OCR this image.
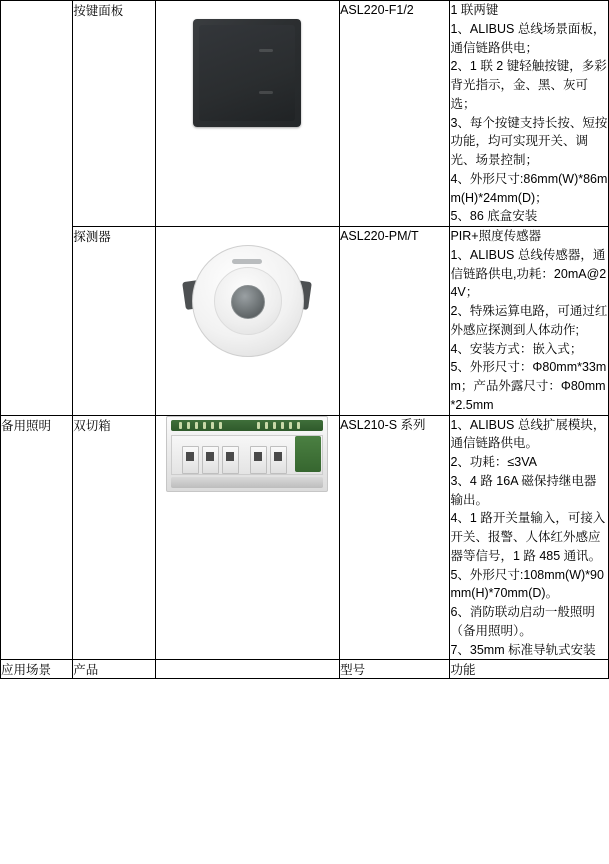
	按键面板		ASL220-F1/2	1 联两键
1、ALIBUS 总线场景面板，通信链路供电；
2、1 联 2 键轻触按键，多彩背光指示，金、黑、灰可选；
3、每个按键支持长按、短按功能，均可实现开关、调光、场景控制；
4、外形尺寸:86mm(W)*86mm(H)*24mm(D)；
5、86 底盒安装

	探测器		ASL220-PM/T	PIR+照度传感器
1、ALIBUS 总线传感器，通信链路供电,功耗：20mA@24V；
2、特殊运算电路，可通过红外感应探测到人体动作;
4、安装方式：嵌入式；
5、外形尺寸：Φ80mm*33mm；产品外露尺寸：Φ80mm*2.5mm

备用照明	双切箱		ASL210-S 系列	1、ALIBUS 总线扩展模块，通信链路供电。
2、功耗：≤3VA
3、4 路 16A 磁保持继电器输出。
4、1 路开关量输入，可接入开关、报警、人体红外感应器等信号，1 路 485 通讯。
5、外形尺寸:108mm(W)*90mm(H)*70mm(D)。
6、消防联动启动一般照明（备用照明）。
7、35mm 标准导轨式安装

应用场景	产品		型号	功能
